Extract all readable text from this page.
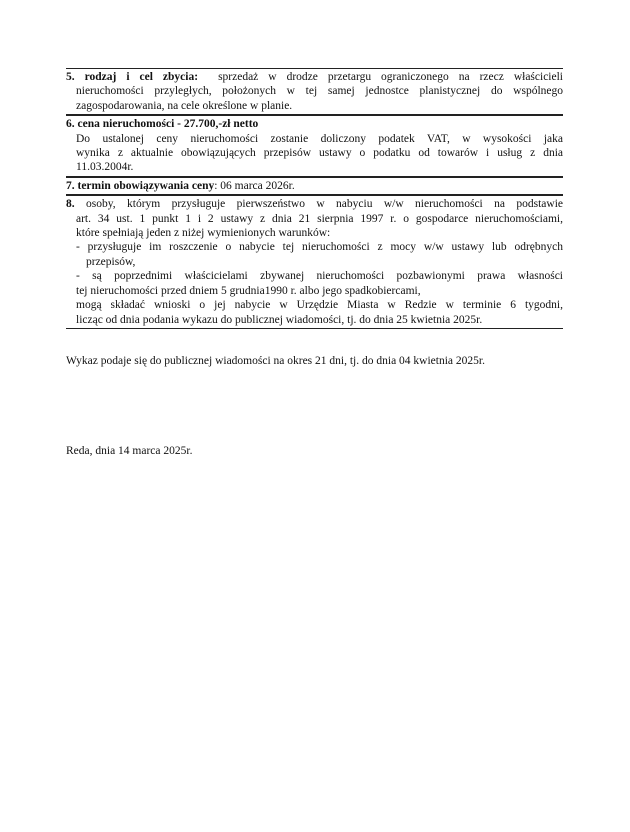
5. rodzaj i cel zbycia: sprzedaż w drodze przetargu ograniczonego na rzecz właścicieli
nieruchomości przyległych, położonych w tej samej jednostce planistycznej do wspólnego
zagospodarowania, na cele określone w planie.
6. cena nieruchomości - 27.700,-zł netto
Do ustalonej ceny nieruchomości zostanie doliczony podatek VAT, w wysokości jaka
wynika z aktualnie obowiązujących przepisów ustawy o podatku od towarów i usług z dnia
11.03.2004r.
7. termin obowiązywania ceny: 06 marca 2026r.
8. osoby, którym przysługuje pierwszeństwo w nabyciu w/w nieruchomości na podstawie
art. 34 ust. 1 punkt 1 i 2 ustawy z dnia 21 sierpnia 1997 r. o gospodarce nieruchomościami,
które spełniają jeden z niżej wymienionych warunków:
- przysługuje im roszczenie o nabycie tej nieruchomości z mocy w/w ustawy lub odrębnych
przepisów,
- są poprzednimi właścicielami zbywanej nieruchomości pozbawionymi prawa własności
tej nieruchomości przed dniem 5 grudnia1990 r. albo jego spadkobiercami,
mogą składać wnioski o jej nabycie w Urzędzie Miasta w Redzie w terminie 6 tygodni,
licząc od dnia podania wykazu do publicznej wiadomości, tj. do dnia 25 kwietnia 2025r.
Wykaz podaje się do publicznej wiadomości na okres 21 dni, tj. do dnia 04 kwietnia 2025r.
Reda, dnia 14 marca 2025r.
